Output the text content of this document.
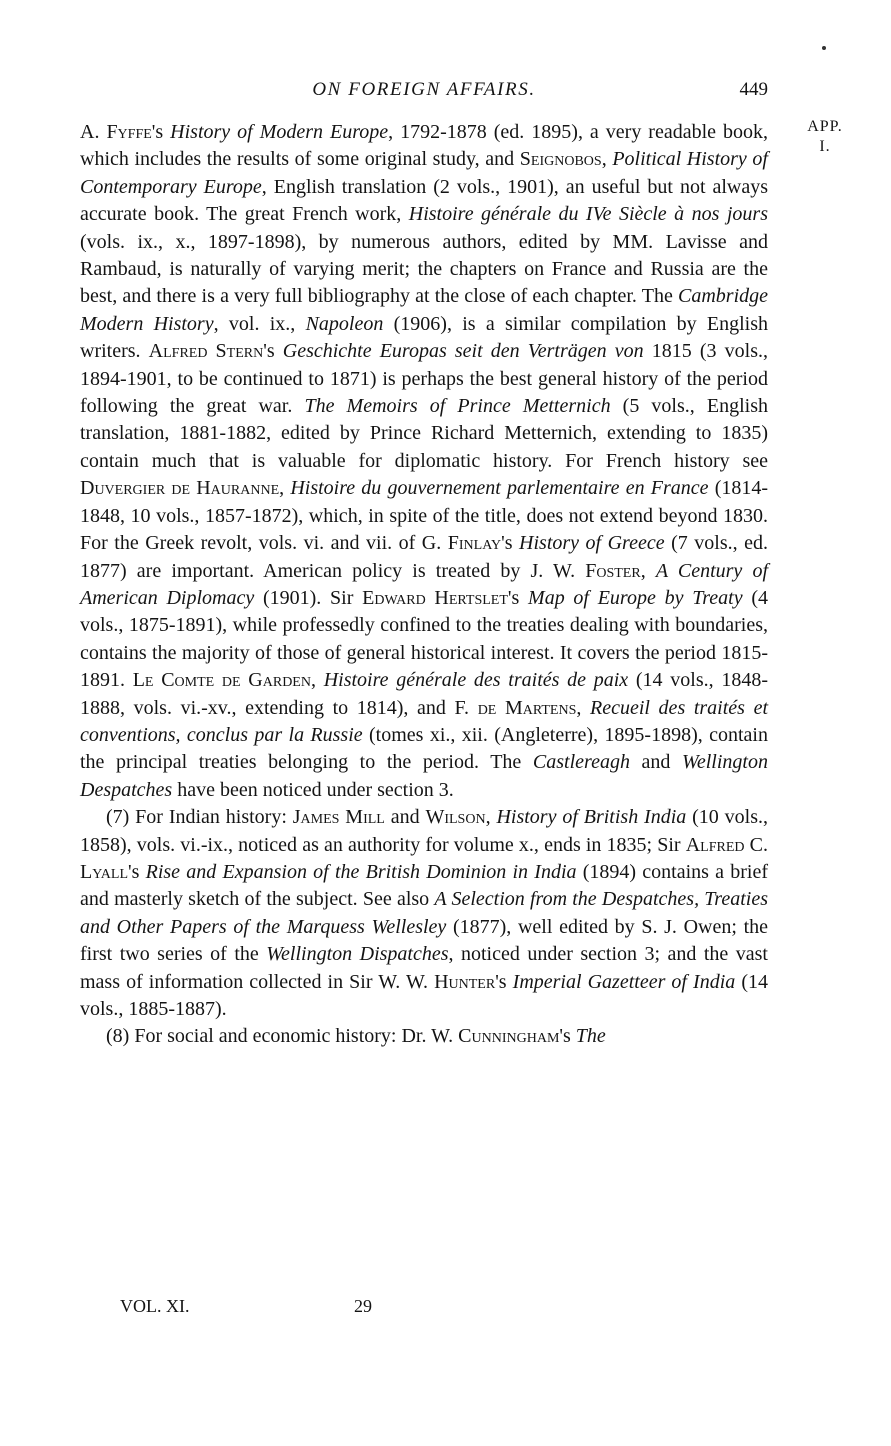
ON FOREIGN AFFAIRS.	449
APP.
I.

A. Fyffe's History of Modern Europe, 1792-1878 (ed. 1895), a very readable book, which includes the results of some original study, and Seignobos, Political History of Contemporary Europe, English translation (2 vols., 1901), an useful but not always accurate book. The great French work, Histoire générale du IVe Siècle à nos jours (vols. ix., x., 1897-1898), by numerous authors, edited by MM. Lavisse and Rambaud, is naturally of varying merit; the chapters on France and Russia are the best, and there is a very full bibliography at the close of each chapter. The Cambridge Modern History, vol. ix., Napoleon (1906), is a similar compilation by English writers. Alfred Stern's Geschichte Europas seit den Verträgen von 1815 (3 vols., 1894-1901, to be continued to 1871) is perhaps the best general history of the period following the great war. The Memoirs of Prince Metternich (5 vols., English translation, 1881-1882, edited by Prince Richard Metternich, extending to 1835) contain much that is valuable for diplomatic history. For French history see Duvergier de Hauranne, Histoire du gouvernement parlementaire en France (1814-1848, 10 vols., 1857-1872), which, in spite of the title, does not extend beyond 1830. For the Greek revolt, vols. vi. and vii. of G. Finlay's History of Greece (7 vols., ed. 1877) are important. American policy is treated by J. W. Foster, A Century of American Diplomacy (1901). Sir Edward Hertslet's Map of Europe by Treaty (4 vols., 1875-1891), while professedly confined to the treaties dealing with boundaries, contains the majority of those of general historical interest. It covers the period 1815-1891. Le Comte de Garden, Histoire générale des traités de paix (14 vols., 1848-1888, vols. vi.-xv., extending to 1814), and F. de Martens, Recueil des traités et conventions, conclus par la Russie (tomes xi., xii. (Angleterre), 1895-1898), contain the principal treaties belonging to the period. The Castlereagh and Wellington Despatches have been noticed under section 3.

(7) For Indian history: James Mill and Wilson, History of British India (10 vols., 1858), vols. vi.-ix., noticed as an authority for volume x., ends in 1835; Sir Alfred C. Lyall's Rise and Expansion of the British Dominion in India (1894) contains a brief and masterly sketch of the subject. See also A Selection from the Despatches, Treaties and Other Papers of the Marquess Wellesley (1877), well edited by S. J. Owen; the first two series of the Wellington Dispatches, noticed under section 3; and the vast mass of information collected in Sir W. W. Hunter's Imperial Gazetteer of India (14 vols., 1885-1887).

(8) For social and economic history: Dr. W. Cunningham's The

VOL. XI.	29
